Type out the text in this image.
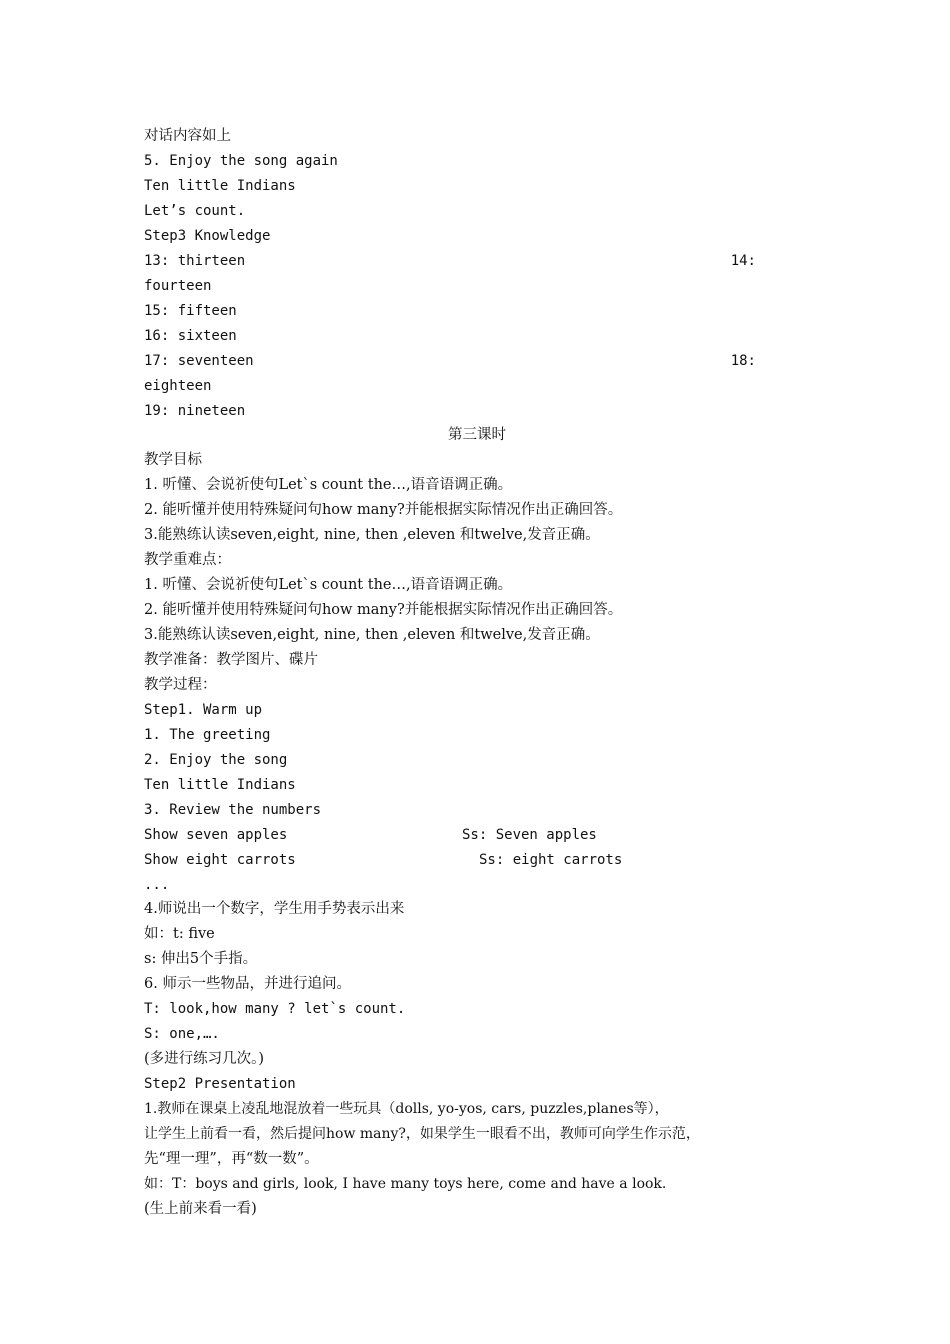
对话内容如上
5. Enjoy the song again
Ten little Indians
Let’s count.
Step3 Knowledge
13: thirteen	14:
fourteen
15: fifteen
16: sixteen
17: seventeen	18:
eighteen
19: nineteen
第三课时
教学目标
1. 听懂、会说祈使句Let`s count the…,语音语调正确。
2. 能听懂并使用特殊疑问句how many?并能根据实际情况作出正确回答。
3.能熟练认读seven,eight, nine, then ,eleven 和twelve,发音正确。
教学重难点：
1. 听懂、会说祈使句Let`s count the…,语音语调正确。
2. 能听懂并使用特殊疑问句how many?并能根据实际情况作出正确回答。
3.能熟练认读seven,eight, nine, then ,eleven 和twelve,发音正确。
教学准备：教学图片、碟片
教学过程：
Step1. Warm up
1. The greeting
2. Enjoy the song
Ten little Indians
3. Review the numbers
Show seven apples	Ss: Seven apples
Show eight carrots	Ss: eight carrots
...
4.师说出一个数字，学生用手势表示出来
如：t: five
s: 伸出5个手指。
6. 师示一些物品，并进行追问。
T: look,how many ? let`s count.
S: one,….
(多进行练习几次。)
Step2 Presentation
1.教师在课桌上凌乱地混放着一些玩具（dolls, yo-yos, cars, puzzles,planes等），
让学生上前看一看，然后提问how many?，如果学生一眼看不出，教师可向学生作示范，
先“理一理”，再“数一数”。
如：T：boys and girls, look, I have many toys here, come and have a look.
(生上前来看一看)
